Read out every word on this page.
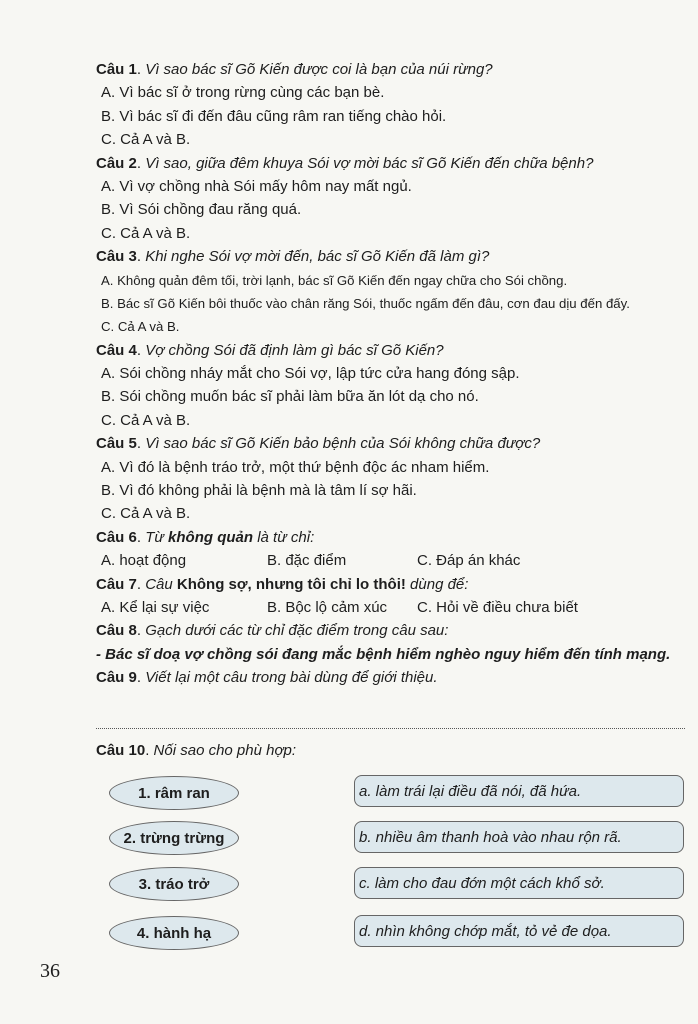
Câu 1. Vì sao bác sĩ Gõ Kiến được coi là bạn của núi rừng?
A. Vì bác sĩ ở trong rừng cùng các bạn bè.
B. Vì bác sĩ đi đến đâu cũng râm ran tiếng chào hỏi.
C. Cả A và B.
Câu 2. Vì sao, giữa đêm khuya Sói vợ mời bác sĩ Gõ Kiến đến chữa bệnh?
A. Vì vợ chồng nhà Sói mấy hôm nay mất ngủ.
B. Vì Sói chồng đau răng quá.
C. Cả A và B.
Câu 3. Khi nghe Sói vợ mời đến, bác sĩ Gõ Kiến đã làm gì?
A. Không quản đêm tối, trời lạnh, bác sĩ Gõ Kiến đến ngay chữa cho Sói chồng.
B. Bác sĩ Gõ Kiến bôi thuốc vào chân răng Sói, thuốc ngấm đến đâu, cơn đau dịu đến đấy.
C. Cả A và B.
Câu 4. Vợ chồng Sói đã định làm gì bác sĩ Gõ Kiến?
A. Sói chồng nháy mắt cho Sói vợ, lập tức cửa hang đóng sập.
B. Sói chồng muốn bác sĩ phải làm bữa ăn lót dạ cho nó.
C. Cả A và B.
Câu 5. Vì sao bác sĩ Gõ Kiến bảo bệnh của Sói không chữa được?
A. Vì đó là bệnh tráo trở, một thứ bệnh độc ác nham hiểm.
B. Vì đó không phải là bệnh mà là tâm lí sợ hãi.
C. Cả A và B.
Câu 6. Từ không quản là từ chỉ:
A. hoạt động	B. đặc điểm	C. Đáp án khác
Câu 7. Câu Không sợ, nhưng tôi chỉ lo thôi! dùng để:
A. Kể lại sự việc	B. Bộc lộ cảm xúc	C. Hỏi về điều chưa biết
Câu 8. Gạch dưới các từ chỉ đặc điểm trong câu sau:
- Bác sĩ doạ vợ chồng sói đang mắc bệnh hiểm nghèo nguy hiểm đến tính mạng.
Câu 9. Viết lại một câu trong bài dùng để giới thiệu.
Câu 10. Nối sao cho phù hợp:
1. râm ran
2. trừng trừng
3. tráo trở
4. hành hạ
a. làm trái lại điều đã nói, đã hứa.
b. nhiều âm thanh hoà vào nhau rộn rã.
c. làm cho đau đớn một cách khổ sở.
d. nhìn không chớp mắt, tỏ vẻ đe dọa.
36
